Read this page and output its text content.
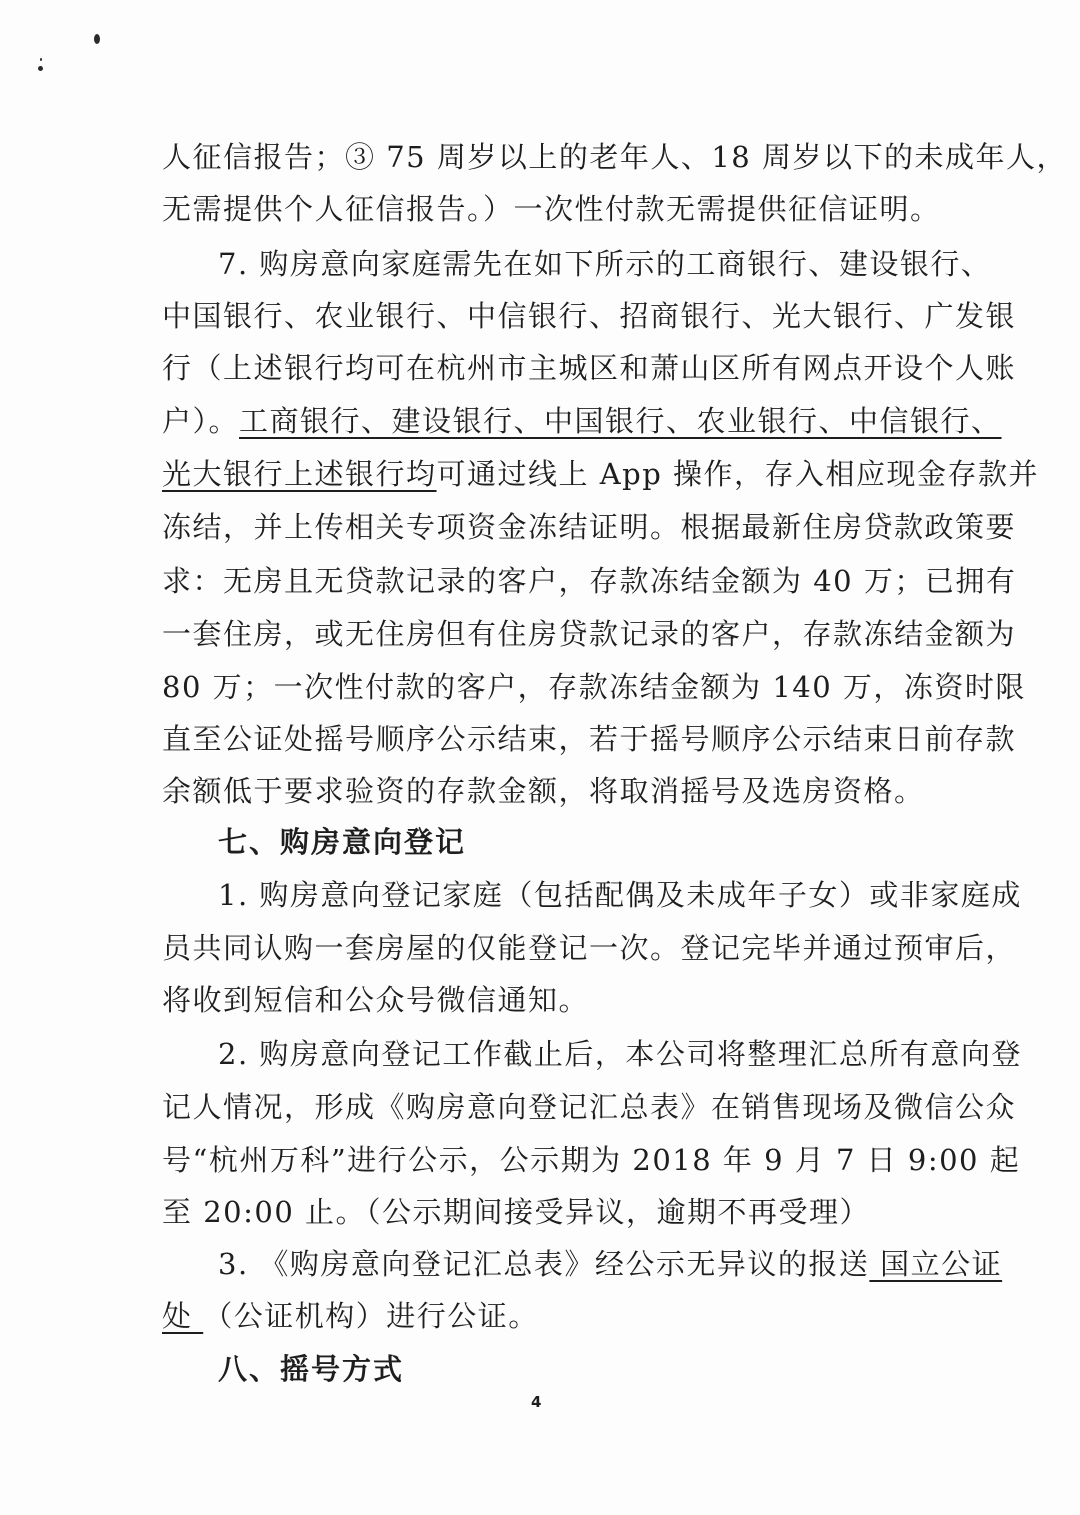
人征信报告；③ 75 周岁以上的老年人、18 周岁以下的未成年人，
无需提供个人征信报告。）一次性付款无需提供征信证明。
7. 购房意向家庭需先在如下所示的工商银行、建设银行、
中国银行、农业银行、中信银行、招商银行、光大银行、广发银
行（上述银行均可在杭州市主城区和萧山区所有网点开设个人账
户）。工商银行、建设银行、中国银行、农业银行、中信银行、
光大银行上述银行均可通过线上 App 操作，存入相应现金存款并
冻结，并上传相关专项资金冻结证明。根据最新住房贷款政策要
求：无房且无贷款记录的客户，存款冻结金额为 40 万；已拥有
一套住房，或无住房但有住房贷款记录的客户，存款冻结金额为
80 万；一次性付款的客户，存款冻结金额为 140 万，冻资时限
直至公证处摇号顺序公示结束，若于摇号顺序公示结束日前存款
余额低于要求验资的存款金额，将取消摇号及选房资格。
七、购房意向登记
1. 购房意向登记家庭（包括配偶及未成年子女）或非家庭成
员共同认购一套房屋的仅能登记一次。登记完毕并通过预审后，
将收到短信和公众号微信通知。
2. 购房意向登记工作截止后，本公司将整理汇总所有意向登
记人情况，形成《购房意向登记汇总表》在销售现场及微信公众
号“杭州万科”进行公示，公示期为 2018 年 9 月 7 日 9:00 起
至 20:00 止。（公示期间接受异议，逾期不再受理）
3. 《购房意向登记汇总表》经公示无异议的报送 国立公证
处 （公证机构）进行公证。
八、摇号方式
4
